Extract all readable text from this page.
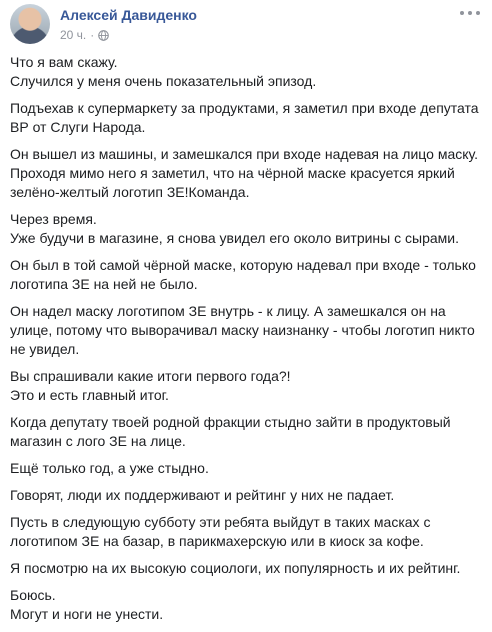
Алексей Давиденко
20 ч. ·
Что я вам скажу.
Случился у меня очень показательный эпизод.
Подъехав к супермаркету за продуктами, я заметил при входе депутата
ВР от Слуги Народа.
Он вышел из машины, и замешкался при входе надевая на лицо маску.
Проходя мимо него я заметил, что на чёрной маске красуется яркий
зелёно-желтый логотип ЗЕ!Команда.
Через время.
Уже будучи в магазине, я снова увидел его около витрины с сырами.
Он был в той самой чёрной маске, которую надевал при входе - только
логотипа ЗЕ на ней не было.
Он надел маску логотипом ЗЕ внутрь - к лицу. А замешкался он на
улице, потому что выворачивал маску наизнанку - чтобы логотип никто
не увидел.
Вы спрашивали какие итоги первого года?!
Это и есть главный итог.
Когда депутату твоей родной фракции стыдно зайти в продуктовый
магазин с лого ЗЕ на лице.
Ещё только год, а уже стыдно.
Говорят, люди их поддерживают и рейтинг у них не падает.
Пусть в следующую субботу эти ребята выйдут в таких масках с
логотипом ЗЕ на базар, в парикмахерскую или в киоск за кофе.
Я посмотрю на их высокую социологи, их популярность и их рейтинг.
Боюсь.
Могут и ноги не унести.
